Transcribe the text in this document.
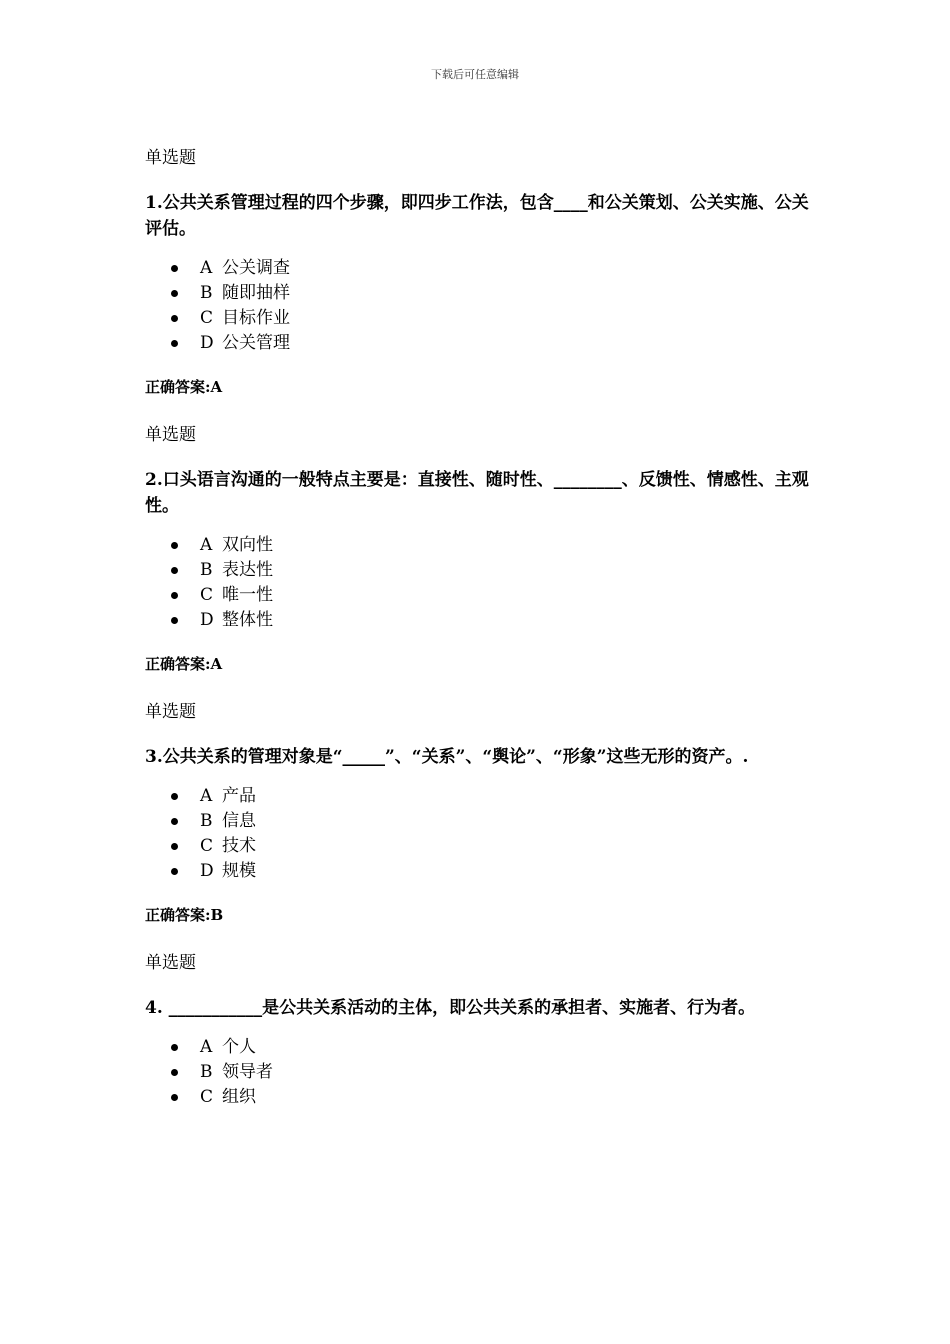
下载后可任意编辑

单选题

1.公共关系管理过程的四个步骤，即四步工作法，包含____和公关策划、公关实施、公关评估。

A 公关调查
B 随即抽样
C 目标作业
D 公关管理

正确答案:A

单选题

2.口头语言沟通的一般特点主要是：直接性、随时性、________、反馈性、情感性、主观性。

A 双向性
B 表达性
C 唯一性
D 整体性

正确答案:A

单选题

3.公共关系的管理对象是“_____”、“关系”、“舆论”、“形象”这些无形的资产。.

A 产品
B 信息
C 技术
D 规模

正确答案:B

单选题

4. ___________是公共关系活动的主体，即公共关系的承担者、实施者、行为者。

A 个人
B 领导者
C 组织
